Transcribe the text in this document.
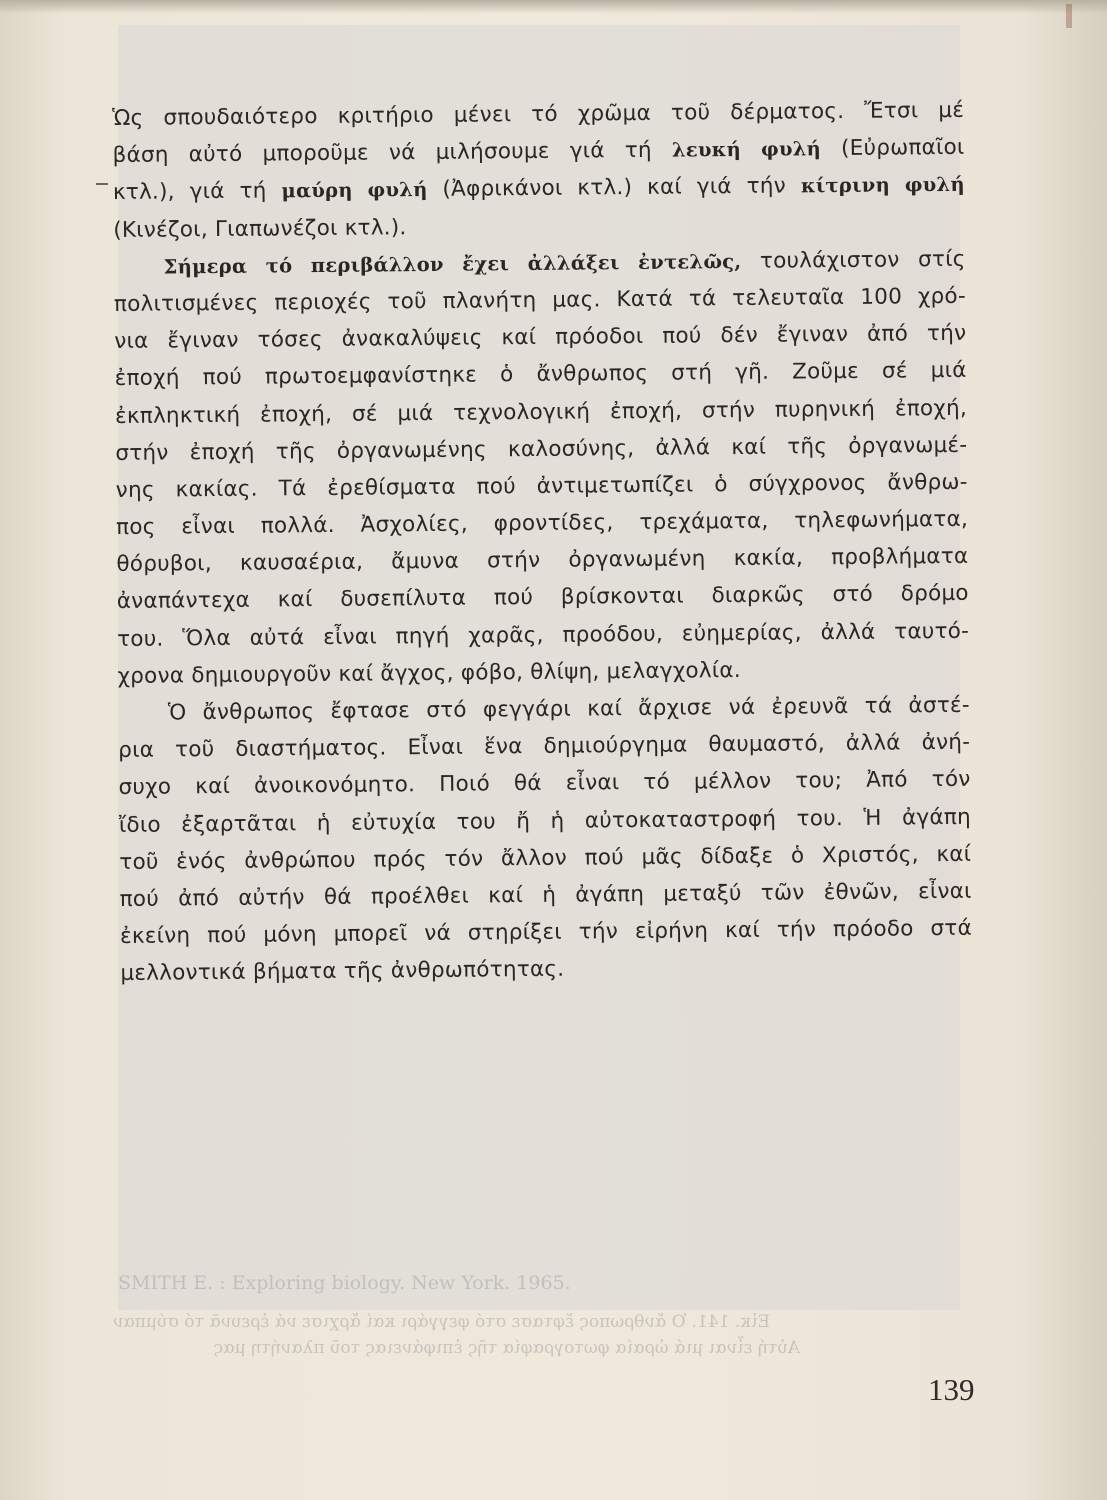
SMITH E. : Exploring biology. New York. 1965.
Εἰκ. 141. Ὁ ἄνθρωπος ἔφτασε στό φεγγάρι καί ἄρχισε νά ἐρευνᾶ τό σύμπαν
Αὐτή εἶναι μιά ὡραία φωτογραφία τῆς ἐπιφάνειας τοῦ πλανήτη μας
Ὡς σπουδαιότερο κριτήριο μένει τό χρῶμα τοῦ δέρματος. Ἔτσι μέ
βάση αὐτό μποροῦμε νά μιλήσουμε γιά τή λευκή φυλή (Εὐρωπαῖοι
κτλ.), γιά τή μαύρη φυλή (Ἀφρικάνοι κτλ.) καί γιά τήν κίτρινη φυλή
(Κινέζοι, Γιαπωνέζοι κτλ.).
Σήμερα τό περιβάλλον ἔχει ἀλλάξει ἐντελῶς, τουλάχιστον στίς
πολιτισμένες περιοχές τοῦ πλανήτη μας. Κατά τά τελευταῖα 100 χρό-
νια ἔγιναν τόσες ἀνακαλύψεις καί πρόοδοι πού δέν ἔγιναν ἀπό τήν
ἐποχή πού πρωτοεμφανίστηκε ὁ ἄνθρωπος στή γῆ. Ζοῦμε σέ μιά
ἐκπληκτική ἐποχή, σέ μιά τεχνολογική ἐποχή, στήν πυρηνική ἐποχή,
στήν ἐποχή τῆς ὀργανωμένης καλοσύνης, ἀλλά καί τῆς ὀργανωμέ-
νης κακίας. Τά ἐρεθίσματα πού ἀντιμετωπίζει ὁ σύγχρονος ἄνθρω-
πος εἶναι πολλά. Ἀσχολίες, φροντίδες, τρεχάματα, τηλεφωνήματα,
θόρυβοι, καυσαέρια, ἄμυνα στήν ὀργανωμένη κακία, προβλήματα
ἀναπάντεχα καί δυσεπίλυτα πού βρίσκονται διαρκῶς στό δρόμο
του. Ὅλα αὐτά εἶναι πηγή χαρᾶς, προόδου, εὐημερίας, ἀλλά ταυτό-
χρονα δημιουργοῦν καί ἄγχος, φόβο, θλίψη, μελαγχολία.
Ὁ ἄνθρωπος ἔφτασε στό φεγγάρι καί ἄρχισε νά ἐρευνᾶ τά ἀστέ-
ρια τοῦ διαστήματος. Εἶναι ἕνα δημιούργημα θαυμαστό, ἀλλά ἀνή-
συχο καί ἀνοικονόμητο. Ποιό θά εἶναι τό μέλλον του; Ἀπό τόν
ἴδιο ἐξαρτᾶται ἡ εὐτυχία του ἤ ἡ αὐτοκαταστροφή του. Ἡ ἀγάπη
τοῦ ἑνός ἀνθρώπου πρός τόν ἄλλον πού μᾶς δίδαξε ὁ Χριστός, καί
πού ἀπό αὐτήν θά προέλθει καί ἡ ἀγάπη μεταξύ τῶν ἐθνῶν, εἶναι
ἐκείνη πού μόνη μπορεῖ νά στηρίξει τήν εἰρήνη καί τήν πρόοδο στά
μελλοντικά βήματα τῆς ἀνθρωπότητας.
139
